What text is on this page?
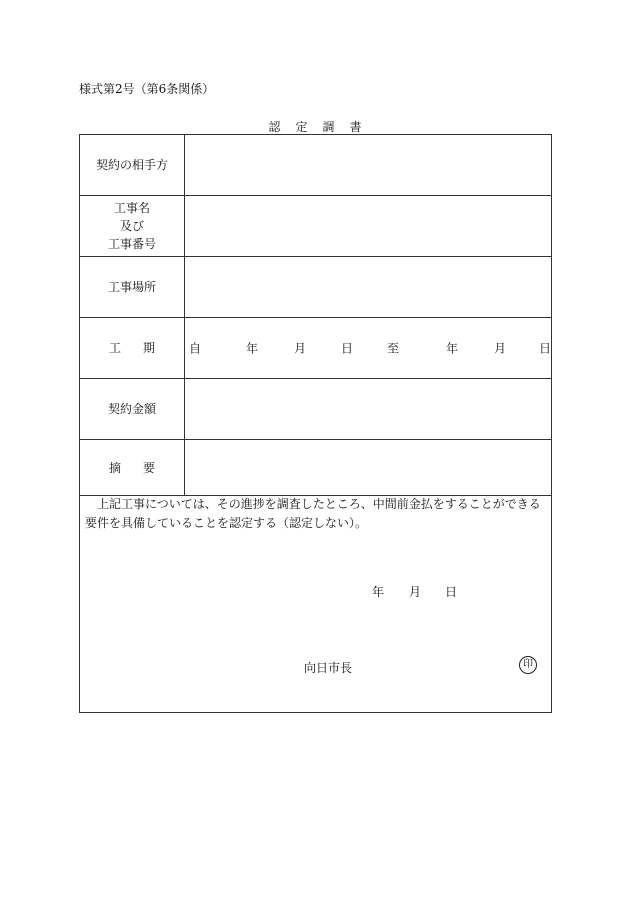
様式第2号（第6条関係）
認定調書
契約の相手方
工事名
及び
工事番号
工事場所
工 期	自	年	月	日	至	年	月	日
契約金額
摘 要
上記工事については、その進捗を調査したところ、中間前金払をすることができる要件を具備していることを認定する（認定しない）。
年 月 日
向日市長	印
